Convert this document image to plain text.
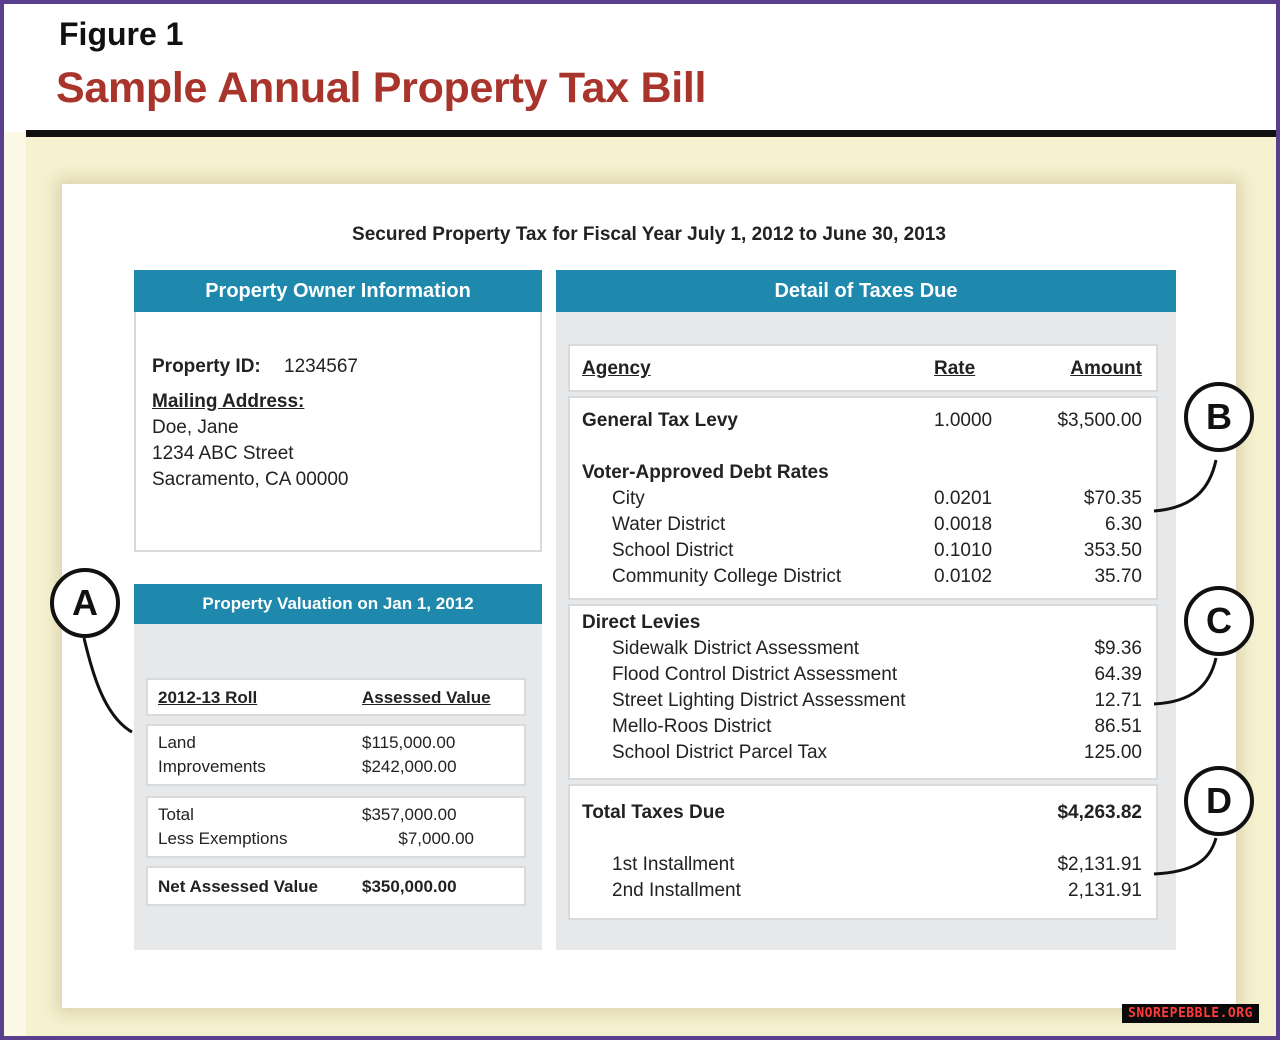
Figure 1
Sample Annual Property Tax Bill
Secured Property Tax for Fiscal Year July 1, 2012 to June 30, 2013
Property Owner Information
Property ID: 1234567
Mailing Address:
Doe, Jane
1234 ABC Street
Sacramento, CA 00000
Property Valuation on Jan 1, 2012
2012-13 Roll	Assessed Value
Land	$115,000.00
Improvements	$242,000.00
Total	$357,000.00
Less Exemptions	$7,000.00
Net Assessed Value	$350,000.00
Detail of Taxes Due
Agency	Rate	Amount
General Tax Levy	1.0000	$3,500.00
Voter-Approved Debt Rates
City	0.0201	$70.35
Water District	0.0018	6.30
School District	0.1010	353.50
Community College District	0.0102	35.70
Direct Levies
Sidewalk District Assessment	$9.36
Flood Control District Assessment	64.39
Street Lighting District Assessment	12.71
Mello-Roos District	86.51
School District Parcel Tax	125.00
Total Taxes Due	$4,263.82
1st Installment	$2,131.91
2nd Installment	2,131.91
A
B
C
D
SNOREPEBBLE.ORG
